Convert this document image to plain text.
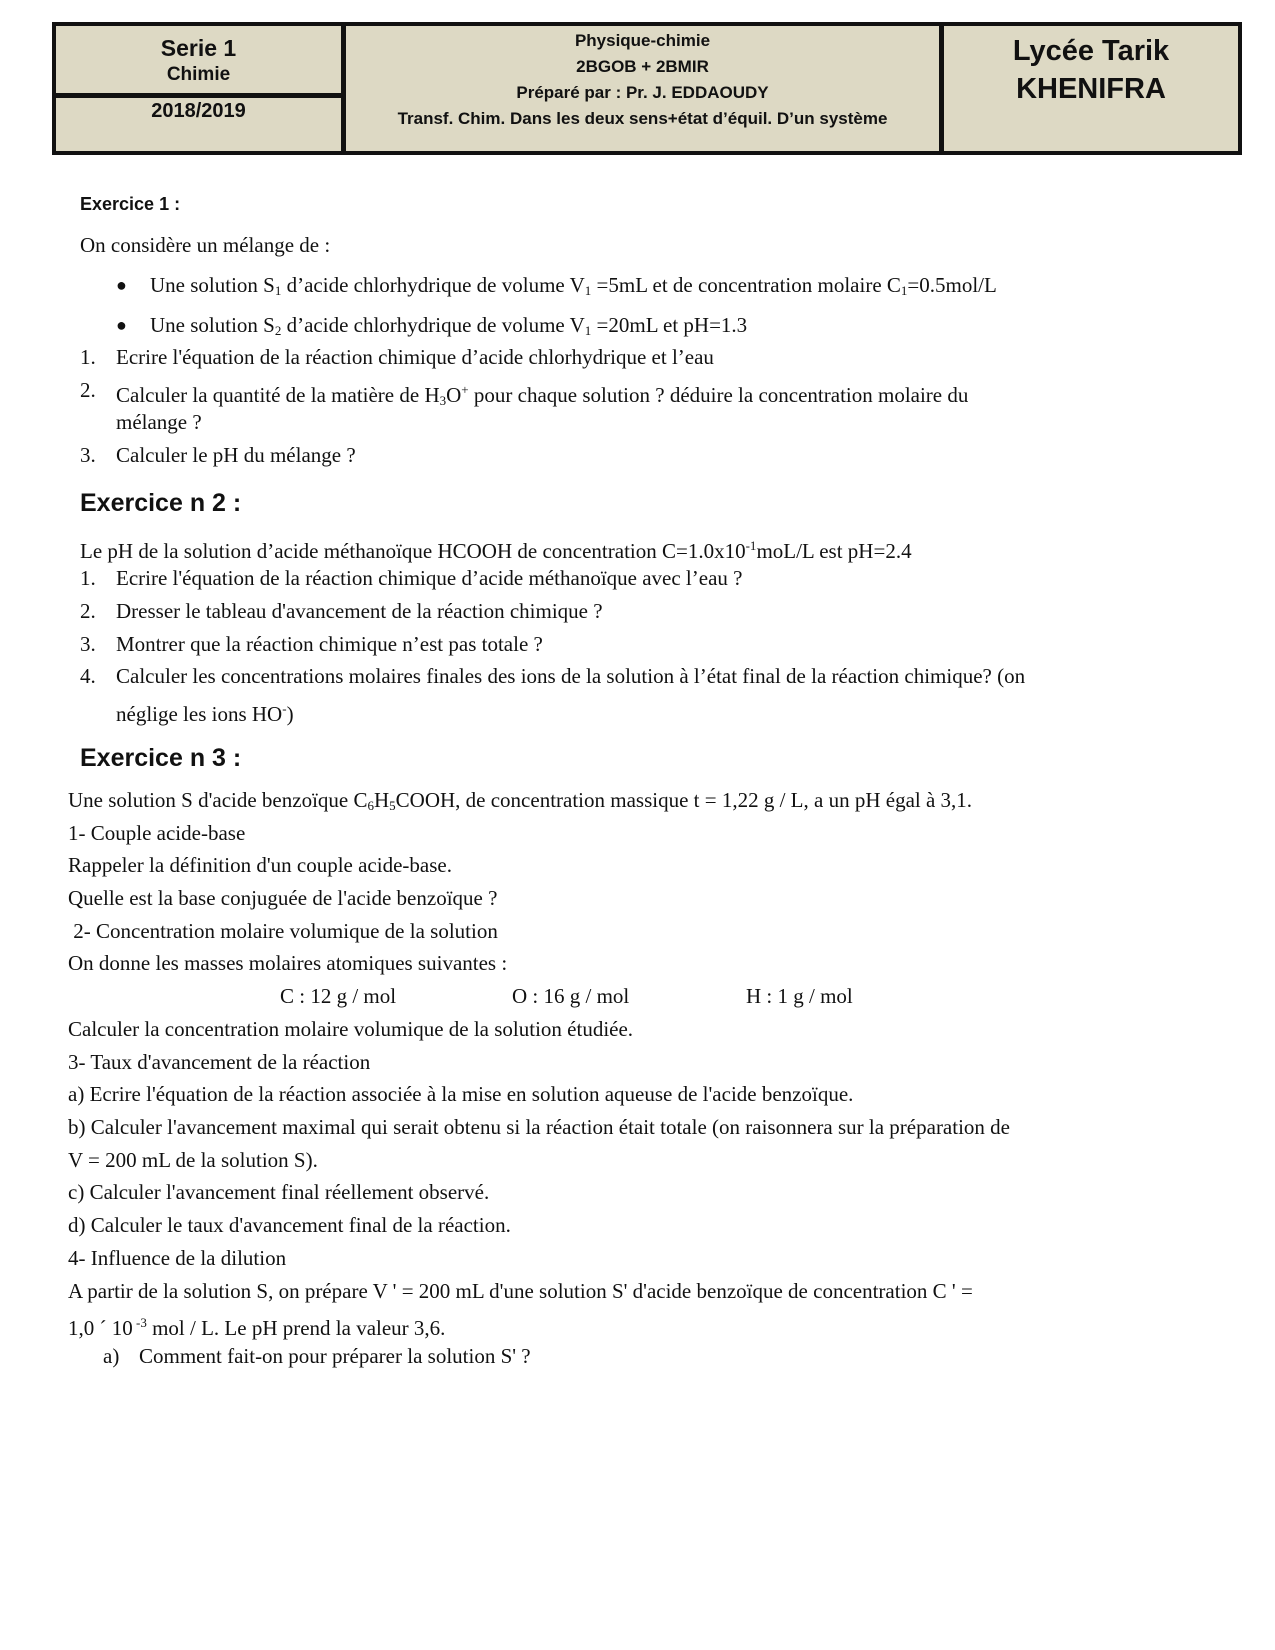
Serie 1
Chimie
2018/2019
Physique-chimie
2BGOB + 2BMIR
Préparé par : Pr. J. EDDAOUDY
Transf. Chim. Dans les deux sens+état d’équil. D’un système
Lycée Tarik
KHENIFRA
Exercice 1 :
On considère un mélange de :
● Une solution $S_1$ d’acide chlorhydrique de volume $V_1 =5mL$ et de concentration molaire $C_1=0.5mol/L$
● Une solution $S_2$ d’acide chlorhydrique de volume $V_1 =20mL$ et pH=1.3
1. Ecrire l'équation de la réaction chimique d’acide chlorhydrique et l’eau
2. Calculer la quantité de la matière de $H_3O^+$ pour chaque solution ? déduire la concentration molaire du
mélange ?
3. Calculer le pH du mélange ?
Exercice n 2 :
Le pH de la solution d’acide méthanoïque HCOOH de concentration $C=1.0x10^{-1}moL/L$ est pH=2.4
1. Ecrire l'équation de la réaction chimique d’acide méthanoïque avec l’eau ?
2. Dresser le tableau d'avancement de la réaction chimique ?
3. Montrer que la réaction chimique n’est pas totale ?
4. Calculer les concentrations molaires finales des ions de la solution à l’état final de la réaction chimique? (on
néglige les ions HO-)
Exercice n 3 :
Une solution S d'acide benzoïque $C_6H_5COOH$, de concentration massique t = 1,22 g / L, a un pH égal à 3,1.
1- Couple acide-base
Rappeler la définition d'un couple acide-base.
Quelle est la base conjuguée de l'acide benzoïque ?
2- Concentration molaire volumique de la solution
On donne les masses molaires atomiques suivantes :
C : 12 g / mol	O : 16 g / mol	H : 1 g / mol
Calculer la concentration molaire volumique de la solution étudiée.
3- Taux d'avancement de la réaction
a) Ecrire l'équation de la réaction associée à la mise en solution aqueuse de l'acide benzoïque.
b) Calculer l'avancement maximal qui serait obtenu si la réaction était totale (on raisonnera sur la préparation de
V = 200 mL de la solution S).
c) Calculer l'avancement final réellement observé.
d) Calculer le taux d'avancement final de la réaction.
4- Influence de la dilution
A partir de la solution S, on prépare V ' = 200 mL d'une solution S' d'acide benzoïque de concentration C ' =
1,0 ´ 10 $^{-3}$ mol / L. Le pH prend la valeur 3,6.
a) Comment fait-on pour préparer la solution S' ?
